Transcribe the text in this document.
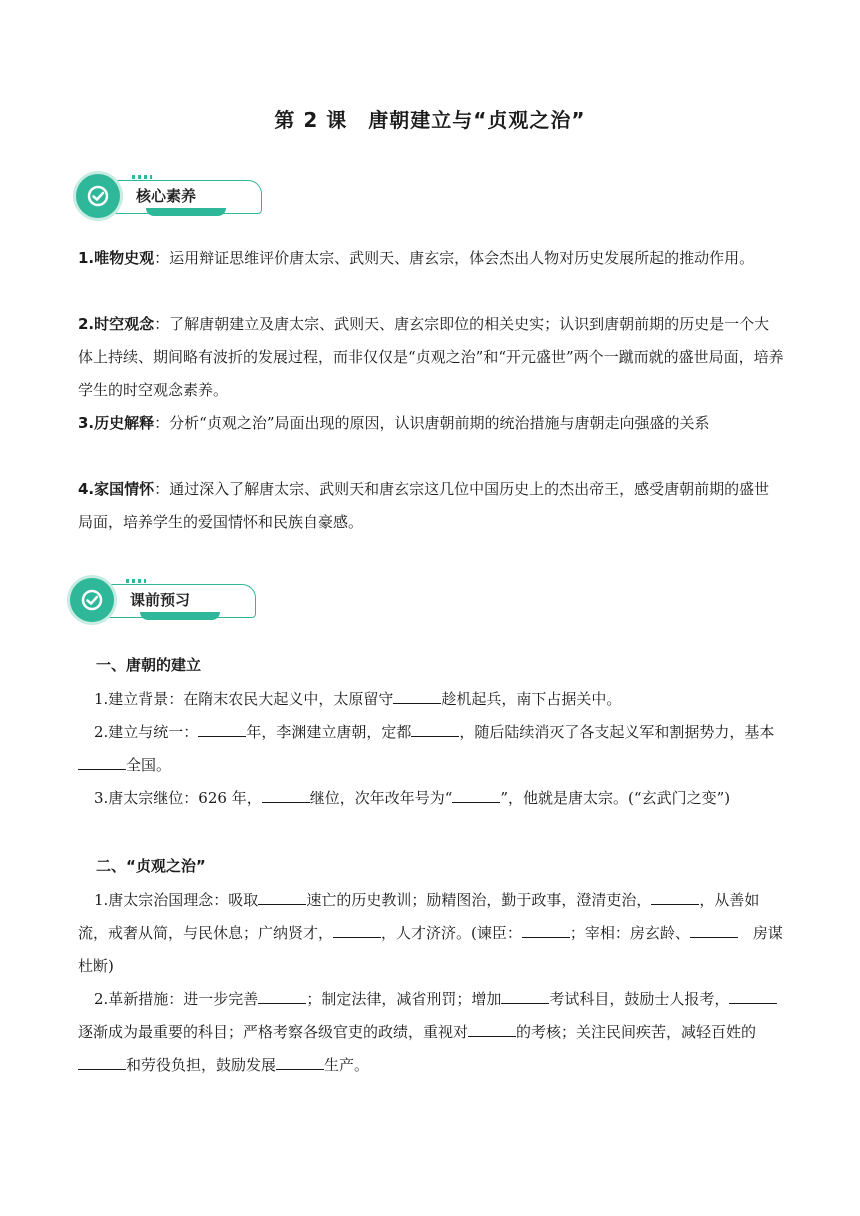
第 2 课　唐朝建立与“贞观之治”
核心素养

1.唯物史观：运用辩证思维评价唐太宗、武则天、唐玄宗，体会杰出人物对历史发展所起的推动作用。

2.时空观念：了解唐朝建立及唐太宗、武则天、唐玄宗即位的相关史实；认识到唐朝前期的历史是一个大体上持续、期间略有波折的发展过程，而非仅仅是“贞观之治”和“开元盛世”两个一蹴而就的盛世局面，培养学生的时空观念素养。

3.历史解释：分析“贞观之治”局面出现的原因，认识唐朝前期的统治措施与唐朝走向强盛的关系

4.家国情怀：通过深入了解唐太宗、武则天和唐玄宗这几位中国历史上的杰出帝王，感受唐朝前期的盛世局面，培养学生的爱国情怀和民族自豪感。

课前预习
一、唐朝的建立

1.建立背景：在隋末农民大起义中，太原留守	趁机起兵，南下占据关中。

2.建立与统一：	年，李渊建立唐朝，定都	，随后陆续消灭了各支起义军和割据势力，基本全国。

3.唐太宗继位：626 年，	继位，次年改年号为“	”，他就是唐太宗。(“玄武门之变”)

二、“贞观之治”

1.唐太宗治国理念：吸取	速亡的历史教训；励精图治，勤于政事，澄清吏治，	，从善如流，戒奢从简，与民休息；广纳贤才，	，人才济济。(谏臣：	；宰相：房玄龄、	　房谋杜断)

2.革新措施：进一步完善	；制定法律，减省刑罚；增加	考试科目，鼓励士人报考，逐渐成为最重要的科目；严格考察各级官吏的政绩，重视对	的考核；关注民间疾苦，减轻百姓的和劳役负担，鼓励发展	生产。
